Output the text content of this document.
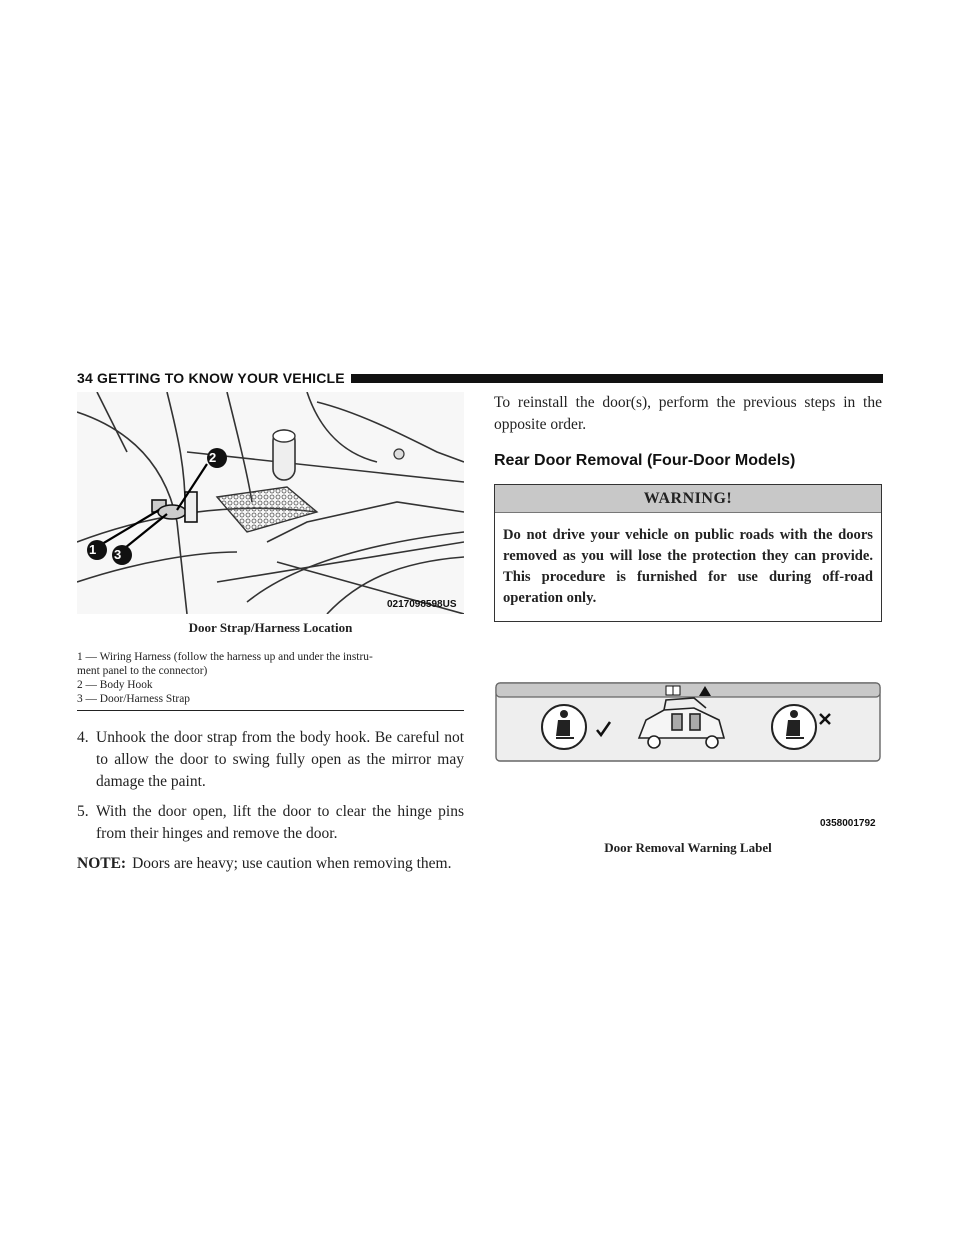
34 GETTING TO KNOW YOUR VEHICLE
1 3
2
0217098598US
Door Strap/Harness Location
1 — Wiring Harness (follow the harness up and under the instru-
ment panel to the connector)
2 — Body Hook
3 — Door/Harness Strap
4. Unhook the door strap from the body hook. Be careful not to allow the door to swing fully open as the mirror may damage the paint.
5. With the door open, lift the door to clear the hinge pins from their hinges and remove the door.
NOTE: Doors are heavy; use caution when removing them.
To reinstall the door(s), perform the previous steps in the opposite order.
Rear Door Removal (Four-Door Models)
WARNING!
Do not drive your vehicle on public roads with the doors removed as you will lose the protection they can provide. This procedure is furnished for use during off-road operation only.
0358001792
Door Removal Warning Label
